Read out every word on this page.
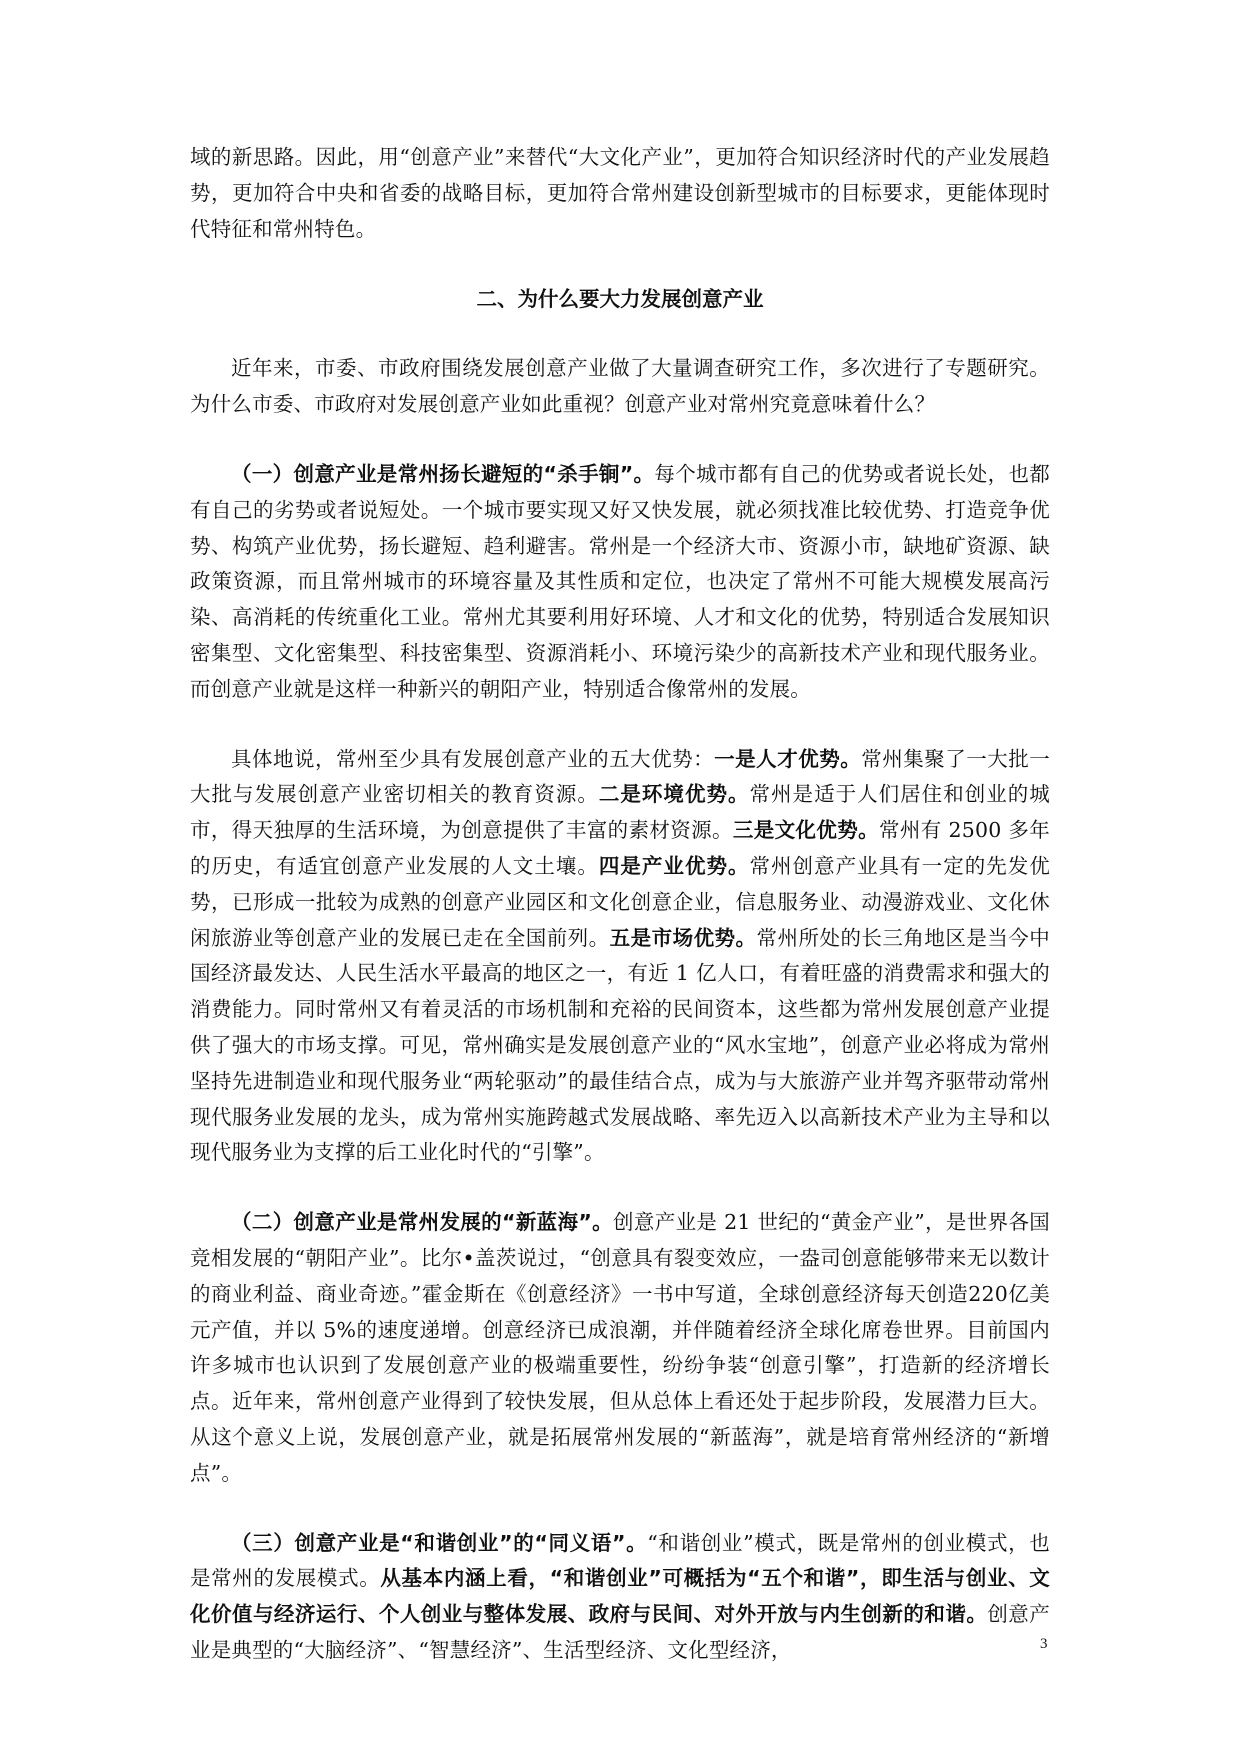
域的新思路。因此，用“创意产业”来替代“大文化产业”，更加符合知识经济时代的产业发展趋势，更加符合中央和省委的战略目标，更加符合常州建设创新型城市的目标要求，更能体现时代特征和常州特色。

二、为什么要大力发展创意产业

近年来，市委、市政府围绕发展创意产业做了大量调查研究工作，多次进行了专题研究。为什么市委、市政府对发展创意产业如此重视？创意产业对常州究竟意味着什么？

（一）创意产业是常州扬长避短的“杀手锏”。每个城市都有自己的优势或者说长处，也都有自己的劣势或者说短处。一个城市要实现又好又快发展，就必须找准比较优势、打造竞争优势、构筑产业优势，扬长避短、趋利避害。常州是一个经济大市、资源小市，缺地矿资源、缺政策资源，而且常州城市的环境容量及其性质和定位，也决定了常州不可能大规模发展高污染、高消耗的传统重化工业。常州尤其要利用好环境、人才和文化的优势，特别适合发展知识密集型、文化密集型、科技密集型、资源消耗小、环境污染少的高新技术产业和现代服务业。而创意产业就是这样一种新兴的朝阳产业，特别适合像常州的发展。

具体地说，常州至少具有发展创意产业的五大优势：一是人才优势。常州集聚了一大批一大批与发展创意产业密切相关的教育资源。二是环境优势。常州是适于人们居住和创业的城市，得天独厚的生活环境，为创意提供了丰富的素材资源。三是文化优势。常州有 2500 多年的历史，有适宜创意产业发展的人文土壤。四是产业优势。常州创意产业具有一定的先发优势，已形成一批较为成熟的创意产业园区和文化创意企业，信息服务业、动漫游戏业、文化休闲旅游业等创意产业的发展已走在全国前列。五是市场优势。常州所处的长三角地区是当今中国经济最发达、人民生活水平最高的地区之一，有近 1 亿人口，有着旺盛的消费需求和强大的消费能力。同时常州又有着灵活的市场机制和充裕的民间资本，这些都为常州发展创意产业提供了强大的市场支撑。可见，常州确实是发展创意产业的“风水宝地”，创意产业必将成为常州坚持先进制造业和现代服务业“两轮驱动”的最佳结合点，成为与大旅游产业并驾齐驱带动常州现代服务业发展的龙头，成为常州实施跨越式发展战略、率先迈入以高新技术产业为主导和以现代服务业为支撑的后工业化时代的“引擎”。

（二）创意产业是常州发展的“新蓝海”。创意产业是 21 世纪的“黄金产业”，是世界各国竞相发展的“朝阳产业”。比尔•盖茨说过，“创意具有裂变效应，一盎司创意能够带来无以数计的商业利益、商业奇迹。”霍金斯在《创意经济》一书中写道，全球创意经济每天创造220亿美元产值，并以 5%的速度递增。创意经济已成浪潮，并伴随着经济全球化席卷世界。目前国内许多城市也认识到了发展创意产业的极端重要性，纷纷争装“创意引擎”，打造新的经济增长点。近年来，常州创意产业得到了较快发展，但从总体上看还处于起步阶段，发展潜力巨大。从这个意义上说，发展创意产业，就是拓展常州发展的“新蓝海”，就是培育常州经济的“新增点”。

（三）创意产业是“和谐创业”的“同义语”。“和谐创业”模式，既是常州的创业模式，也是常州的发展模式。从基本内涵上看，“和谐创业”可概括为“五个和谐”，即生活与创业、文化价值与经济运行、个人创业与整体发展、政府与民间、对外开放与内生创新的和谐。创意产业是典型的“大脑经济”、“智慧经济”、生活型经济、文化型经济，	3
